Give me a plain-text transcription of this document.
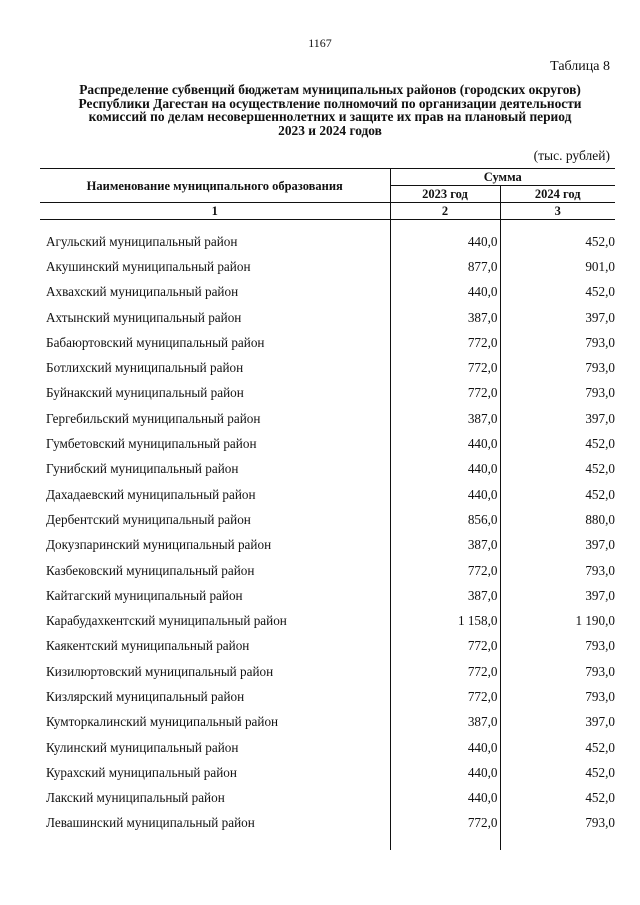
1167
Таблица 8
Распределение субвенций бюджетам муниципальных районов (городских округов)
Республики Дагестан на осуществление полномочий по организации деятельности
комиссий по делам несовершеннолетних и защите их прав на плановый период
2023 и 2024 годов
(тыс. рублей)
Наименование муниципального образования	Сумма	
	2023 год	2024 год
1	2	3

Агульский муниципальный район	440,0	452,0
Акушинский муниципальный район	877,0	901,0
Ахвахский муниципальный район	440,0	452,0
Ахтынский муниципальный район	387,0	397,0
Бабаюртовский муниципальный район	772,0	793,0
Ботлихский муниципальный район	772,0	793,0
Буйнакский муниципальный район	772,0	793,0
Гергебильский муниципальный район	387,0	397,0
Гумбетовский муниципальный район	440,0	452,0
Гунибский муниципальный район	440,0	452,0
Дахадаевский муниципальный район	440,0	452,0
Дербентский муниципальный район	856,0	880,0
Докузпаринский муниципальный район	387,0	397,0
Казбековский муниципальный район	772,0	793,0
Кайтагский муниципальный район	387,0	397,0
Карабудахкентский муниципальный район	1 158,0	1 190,0
Каякентский муниципальный район	772,0	793,0
Кизилюртовский муниципальный район	772,0	793,0
Кизлярский муниципальный район	772,0	793,0
Кумторкалинский муниципальный район	387,0	397,0
Кулинский муниципальный район	440,0	452,0
Курахский муниципальный район	440,0	452,0
Лакский муниципальный район	440,0	452,0
Левашинский муниципальный район	772,0	793,0
